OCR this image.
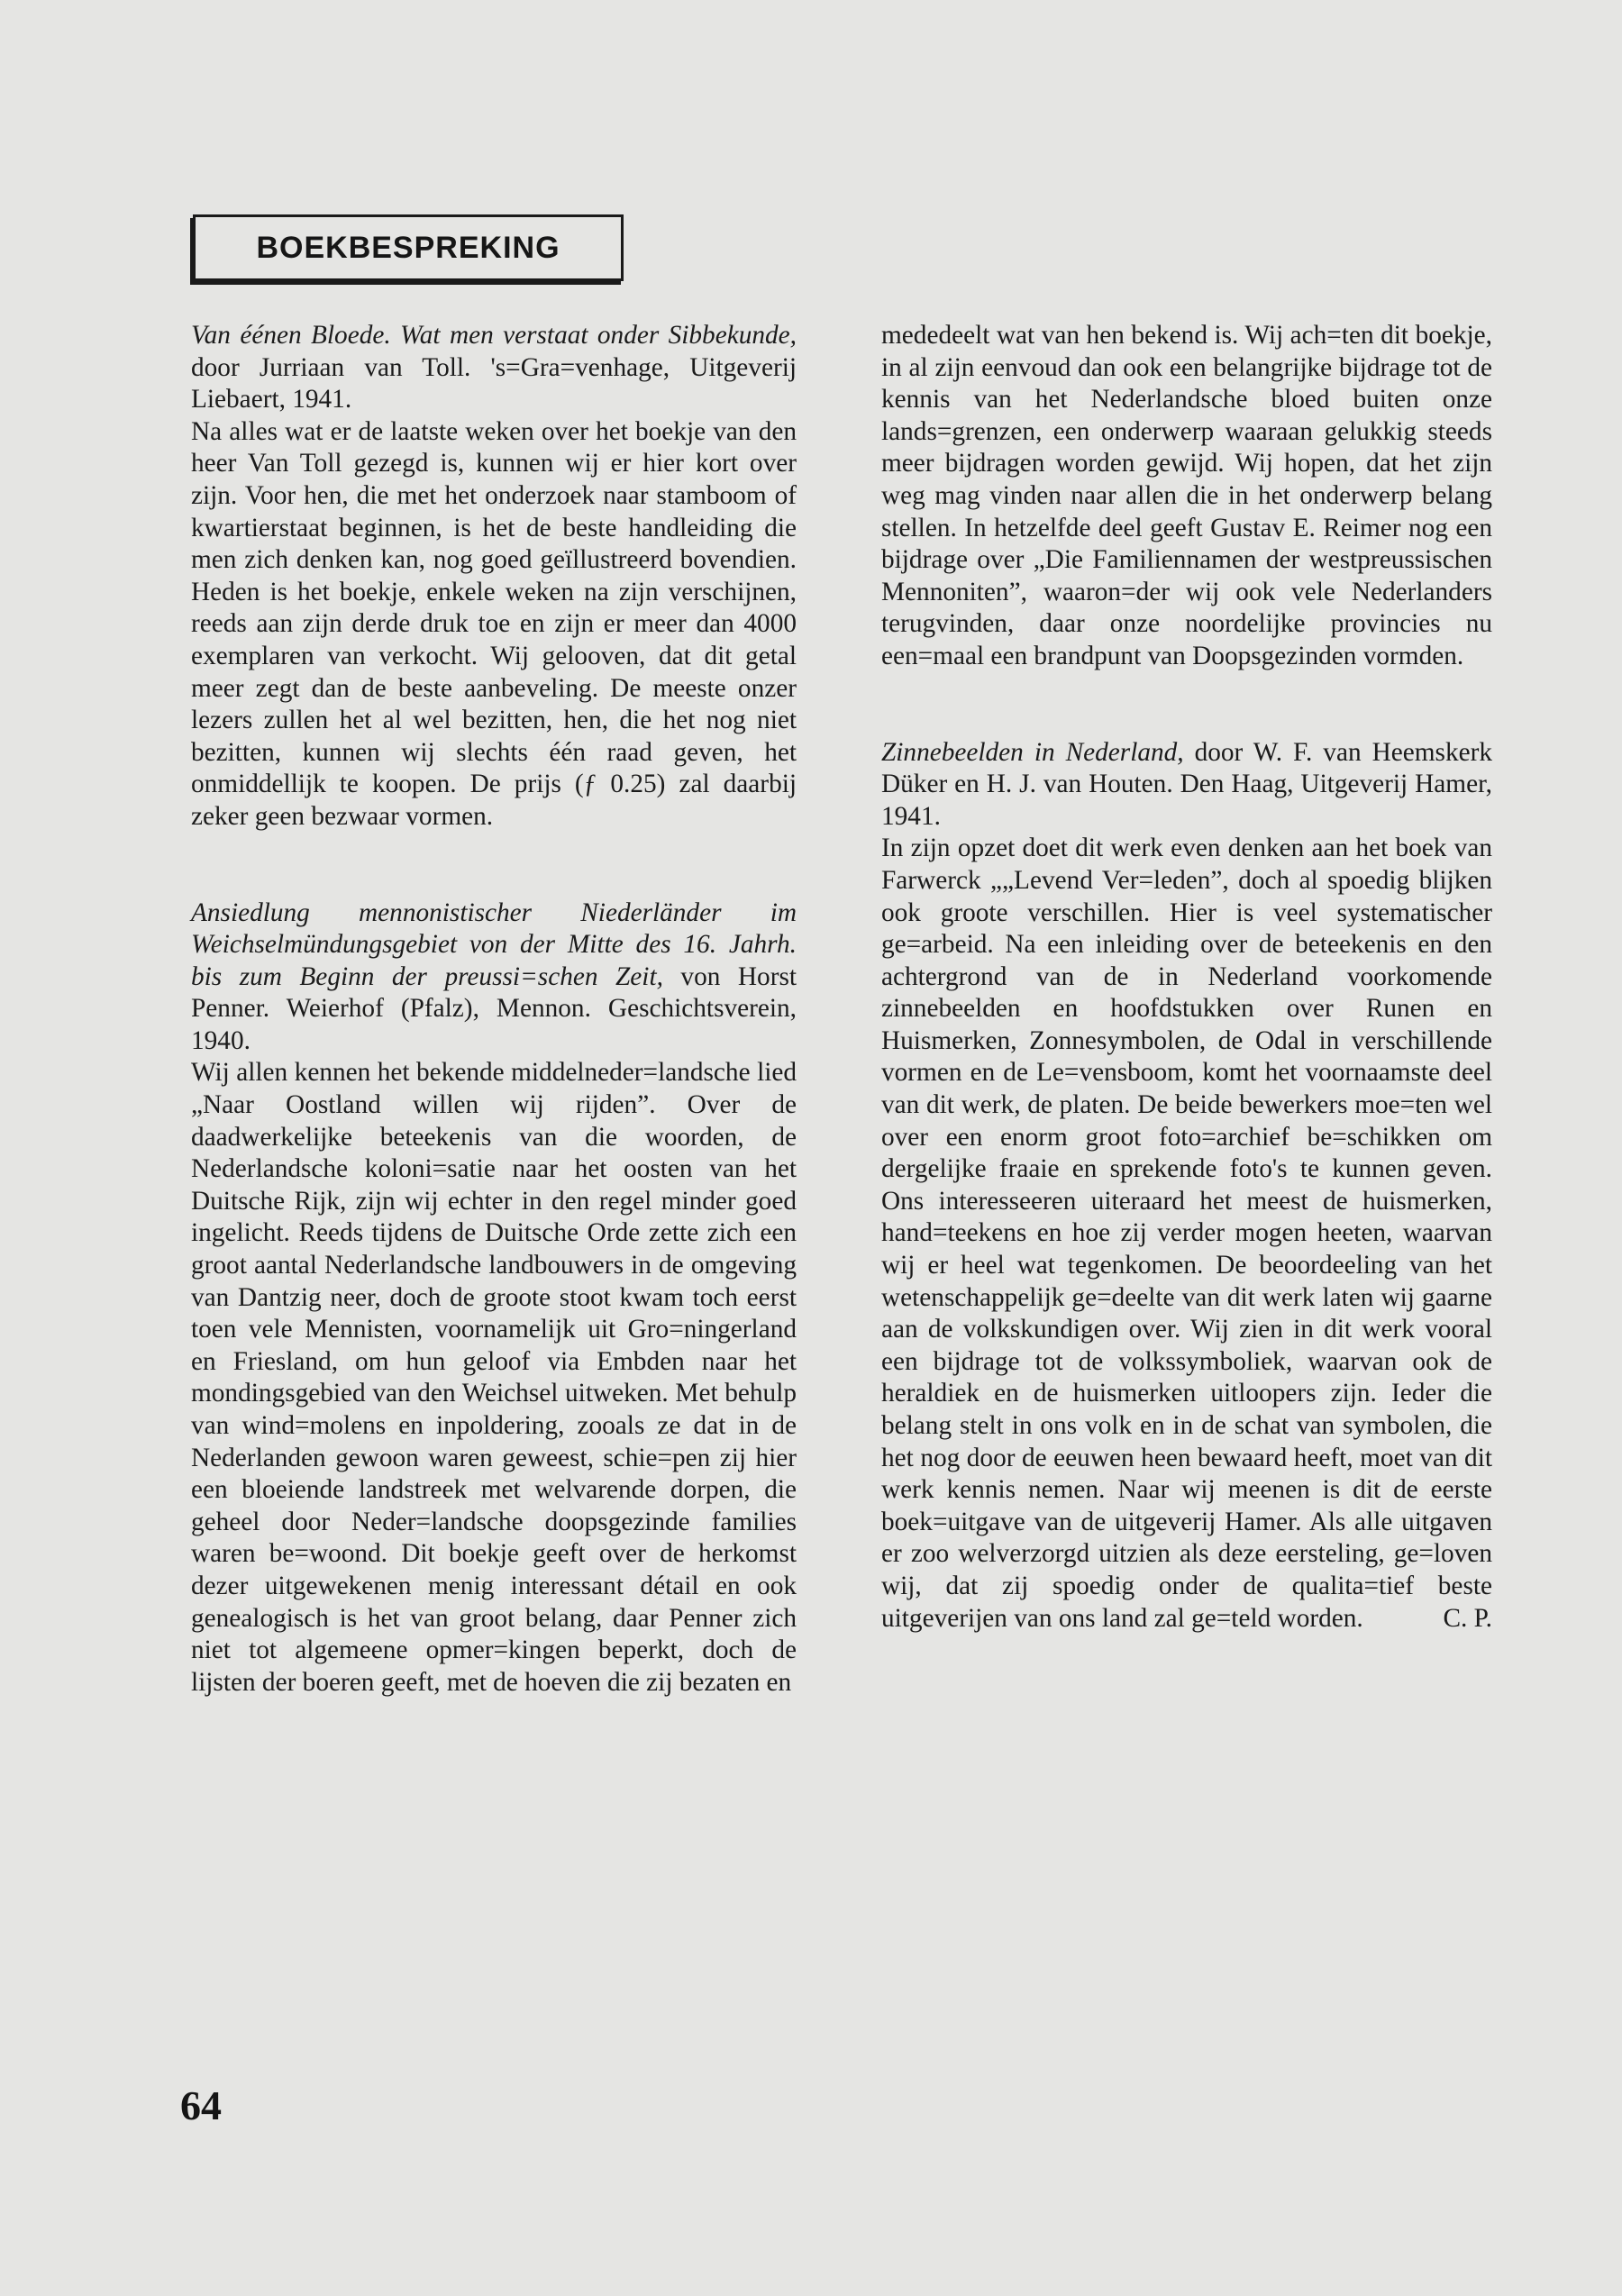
BOEKBESPREKING

Van éénen Bloede. Wat men verstaat onder Sibbekunde, door Jurriaan van Toll. 's=Gra=venhage, Uitgeverij Liebaert, 1941.

Na alles wat er de laatste weken over het boekje van den heer Van Toll gezegd is, kunnen wij er hier kort over zijn. Voor hen, die met het onderzoek naar stamboom of kwartierstaat beginnen, is het de beste handleiding die men zich denken kan, nog goed geïllustreerd bovendien. Heden is het boekje, enkele weken na zijn verschijnen, reeds aan zijn derde druk toe en zijn er meer dan 4000 exemplaren van verkocht. Wij gelooven, dat dit getal meer zegt dan de beste aanbeveling. De meeste onzer lezers zullen het al wel bezitten, hen, die het nog niet bezitten, kunnen wij slechts één raad geven, het onmiddellijk te koopen. De prijs (ƒ 0.25) zal daarbij zeker geen bezwaar vormen.

Ansiedlung mennonistischer Niederländer im Weichselmündungsgebiet von der Mitte des 16. Jahrh. bis zum Beginn der preussi=schen Zeit, von Horst Penner. Weierhof (Pfalz), Mennon. Geschichtsverein, 1940.

Wij allen kennen het bekende middelneder=landsche lied „Naar Oostland willen wij rijden”. Over de daadwerkelijke beteekenis van die woorden, de Nederlandsche koloni=satie naar het oosten van het Duitsche Rijk, zijn wij echter in den regel minder goed ingelicht. Reeds tijdens de Duitsche Orde zette zich een groot aantal Nederlandsche landbouwers in de omgeving van Dantzig neer, doch de groote stoot kwam toch eerst toen vele Mennisten, voornamelijk uit Gro=ningerland en Friesland, om hun geloof via Embden naar het mondingsgebied van den Weichsel uitweken. Met behulp van wind=molens en inpoldering, zooals ze dat in de Nederlanden gewoon waren geweest, schie=pen zij hier een bloeiende landstreek met welvarende dorpen, die geheel door Neder=landsche doopsgezinde families waren be=woond. Dit boekje geeft over de herkomst dezer uitgewekenen menig interessant détail en ook genealogisch is het van groot belang, daar Penner zich niet tot algemeene opmer=kingen beperkt, doch de lijsten der boeren geeft, met de hoeven die zij bezaten en

mededeelt wat van hen bekend is. Wij ach=ten dit boekje, in al zijn eenvoud dan ook een belangrijke bijdrage tot de kennis van het Nederlandsche bloed buiten onze lands=grenzen, een onderwerp waaraan gelukkig steeds meer bijdragen worden gewijd. Wij hopen, dat het zijn weg mag vinden naar allen die in het onderwerp belang stellen. In hetzelfde deel geeft Gustav E. Reimer nog een bijdrage over „Die Familiennamen der westpreussischen Mennoniten”, waaron=der wij ook vele Nederlanders terugvinden, daar onze noordelijke provincies nu een=maal een brandpunt van Doopsgezinden vormden.

Zinnebeelden in Nederland, door W. F. van Heemskerk Düker en H. J. van Houten. Den Haag, Uitgeverij Hamer, 1941.

In zijn opzet doet dit werk even denken aan het boek van Farwerck „„Levend Ver=leden”, doch al spoedig blijken ook groote verschillen. Hier is veel systematischer ge=arbeid. Na een inleiding over de beteekenis en den achtergrond van de in Nederland voorkomende zinnebeelden en hoofdstukken over Runen en Huismerken, Zonnesymbolen, de Odal in verschillende vormen en de Le=vensboom, komt het voornaamste deel van dit werk, de platen. De beide bewerkers moe=ten wel over een enorm groot foto=archief be=schikken om dergelijke fraaie en sprekende foto's te kunnen geven. Ons interesseeren uiteraard het meest de huismerken, hand=teekens en hoe zij verder mogen heeten, waarvan wij er heel wat tegenkomen. De beoordeeling van het wetenschappelijk ge=deelte van dit werk laten wij gaarne aan de volkskundigen over. Wij zien in dit werk vooral een bijdrage tot de volkssymboliek, waarvan ook de heraldiek en de huismerken uitloopers zijn. Ieder die belang stelt in ons volk en in de schat van symbolen, die het nog door de eeuwen heen bewaard heeft, moet van dit werk kennis nemen. Naar wij meenen is dit de eerste boek=uitgave van de uitgeverij Hamer. Als alle uitgaven er zoo welverzorgd uitzien als deze eersteling, ge=loven wij, dat zij spoedig onder de qualita=tief beste uitgeverijen van ons land zal ge=teld worden.	C. P.
64
